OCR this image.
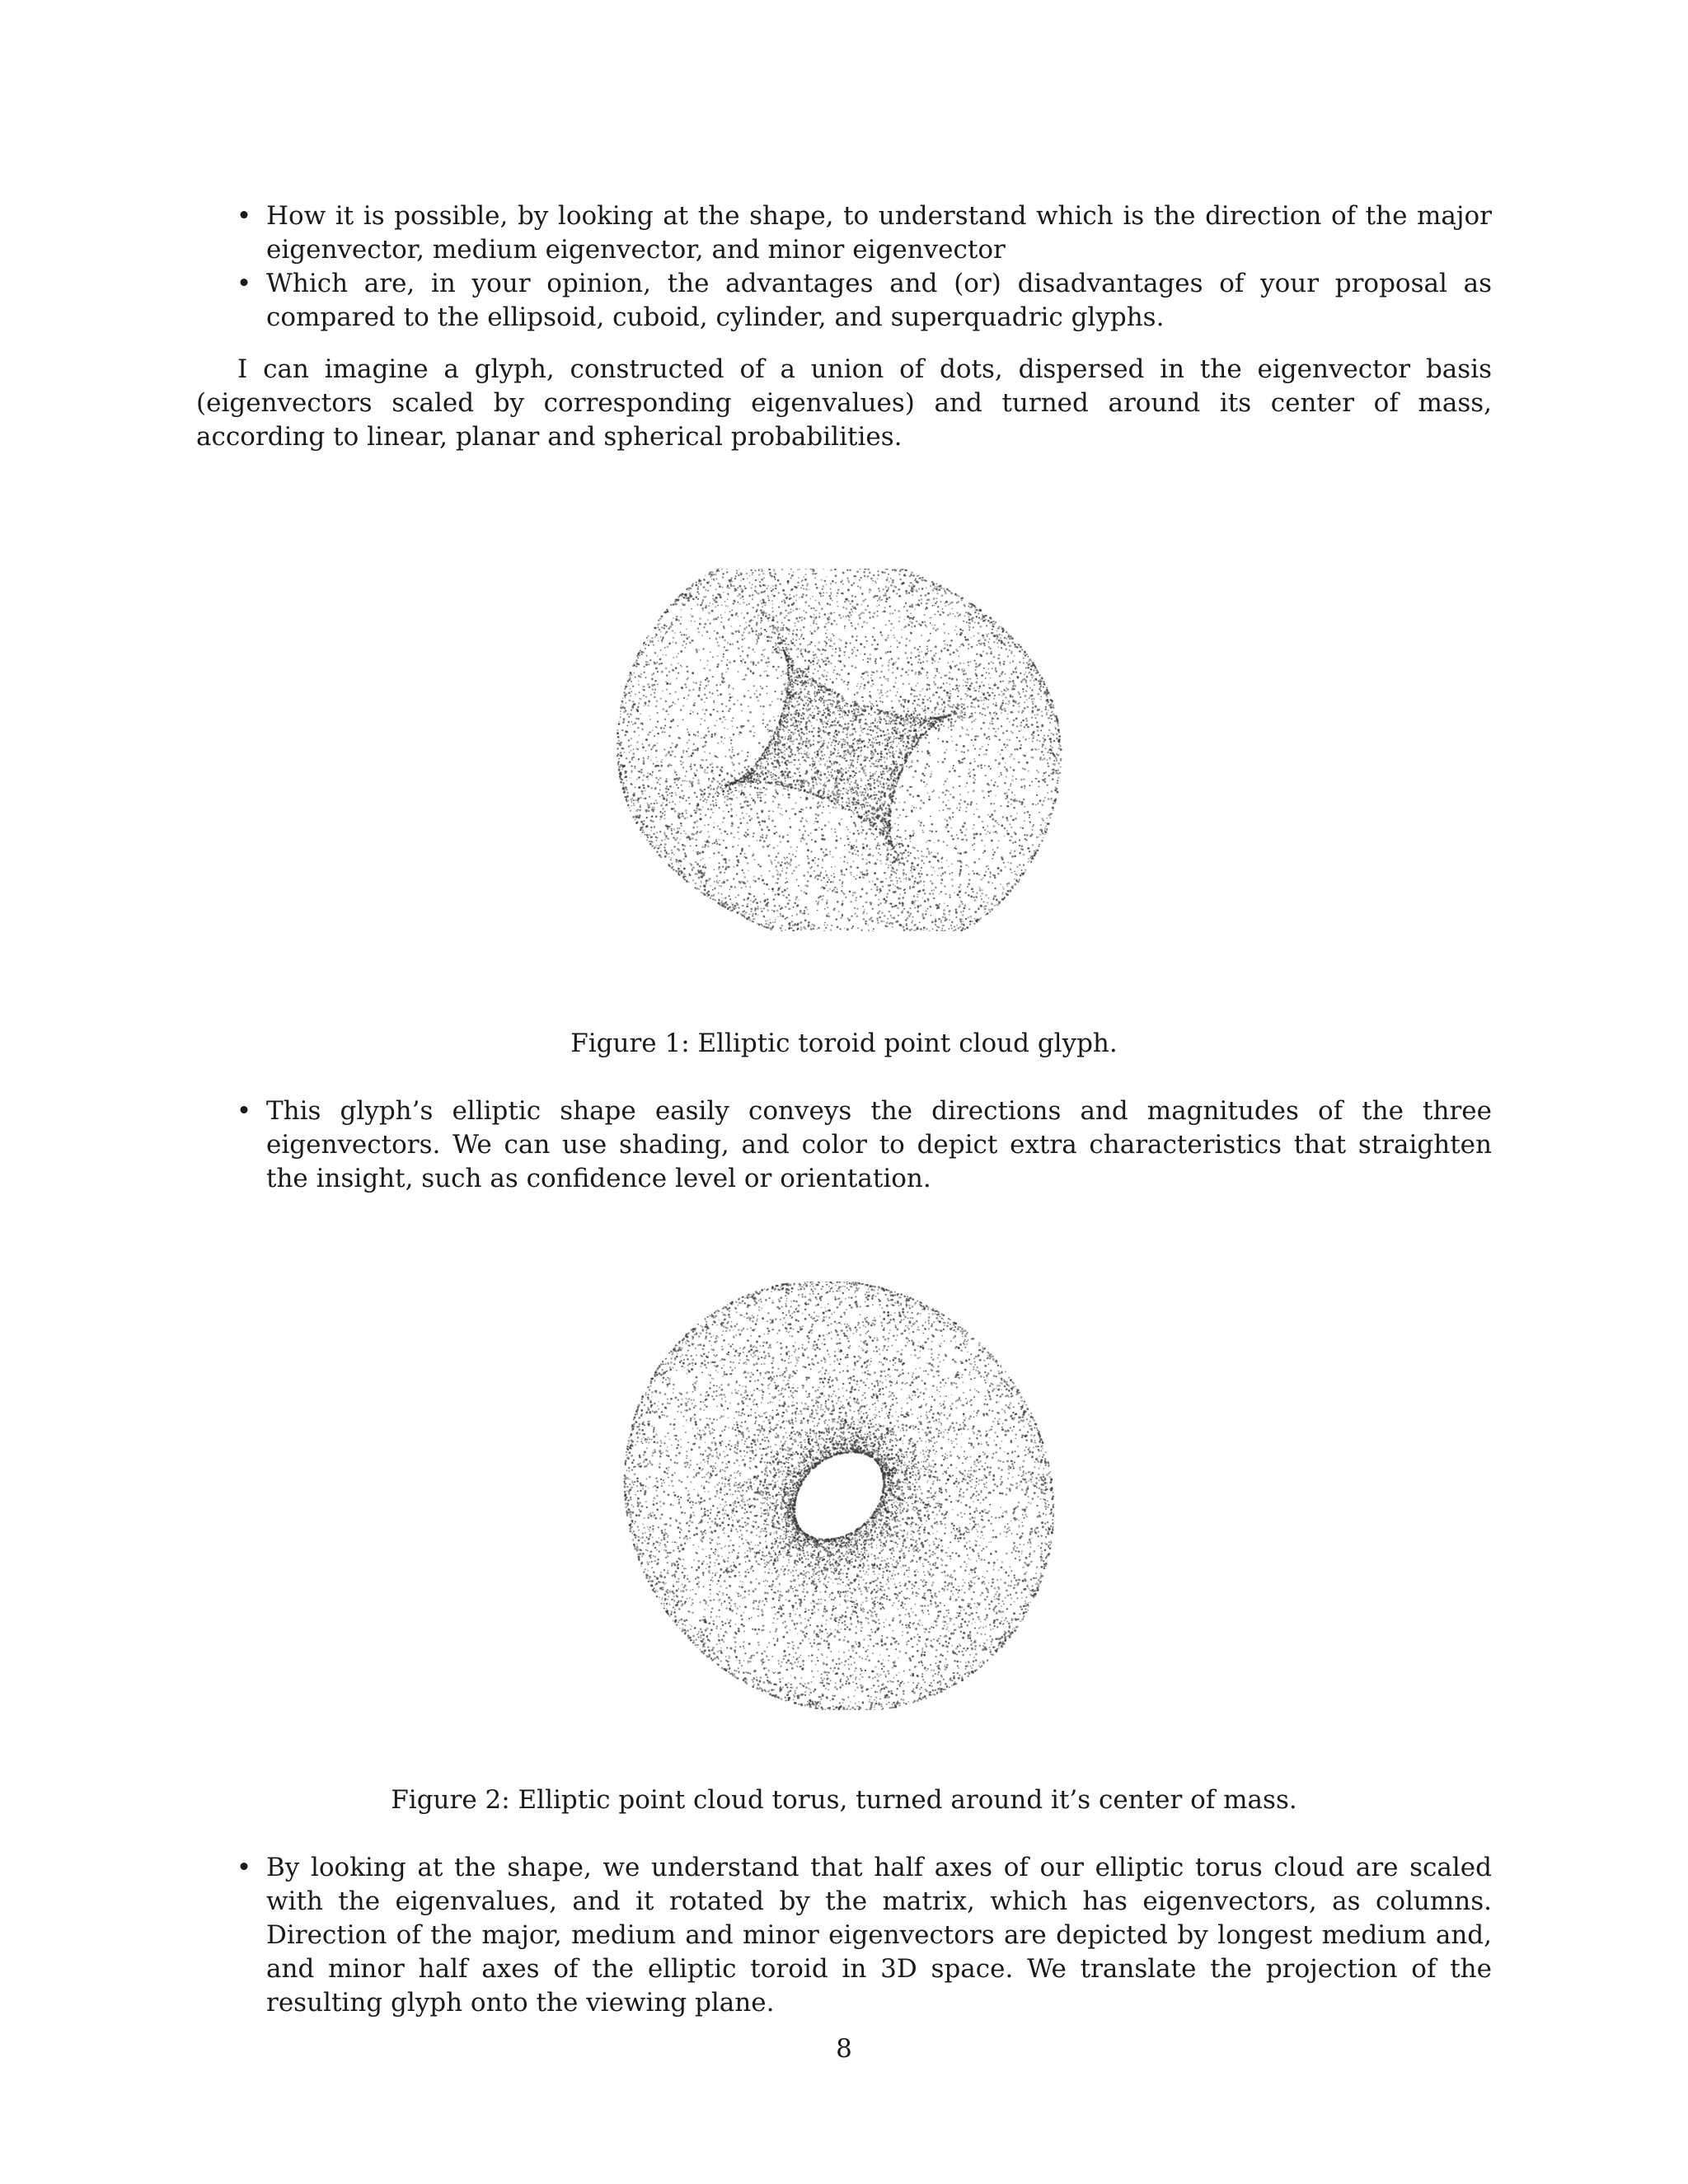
• How it is possible, by looking at the shape, to understand which is the direction of the major eigenvector, medium eigenvector, and minor eigenvector
• Which are, in your opinion, the advantages and (or) disadvantages of your proposal as compared to the ellipsoid, cuboid, cylinder, and superquadric glyphs.

I can imagine a glyph, constructed of a union of dots, dispersed in the eigenvector basis (eigenvectors scaled by corresponding eigenvalues) and turned around its center of mass, according to linear, planar and spherical probabilities.

Figure 1: Elliptic toroid point cloud glyph.
• This glyph’s elliptic shape easily conveys the directions and magnitudes of the three eigenvectors. We can use shading, and color to depict extra characteristics that straighten the insight, such as confidence level or orientation.
Figure 2: Elliptic point cloud torus, turned around it’s center of mass.
• By looking at the shape, we understand that half axes of our elliptic torus cloud are scaled with the eigenvalues, and it rotated by the matrix, which has eigenvectors, as columns. Direction of the major, medium and minor eigenvectors are depicted by longest medium and, and minor half axes of the elliptic toroid in 3D space. We translate the projection of the resulting glyph onto the viewing plane.
8
